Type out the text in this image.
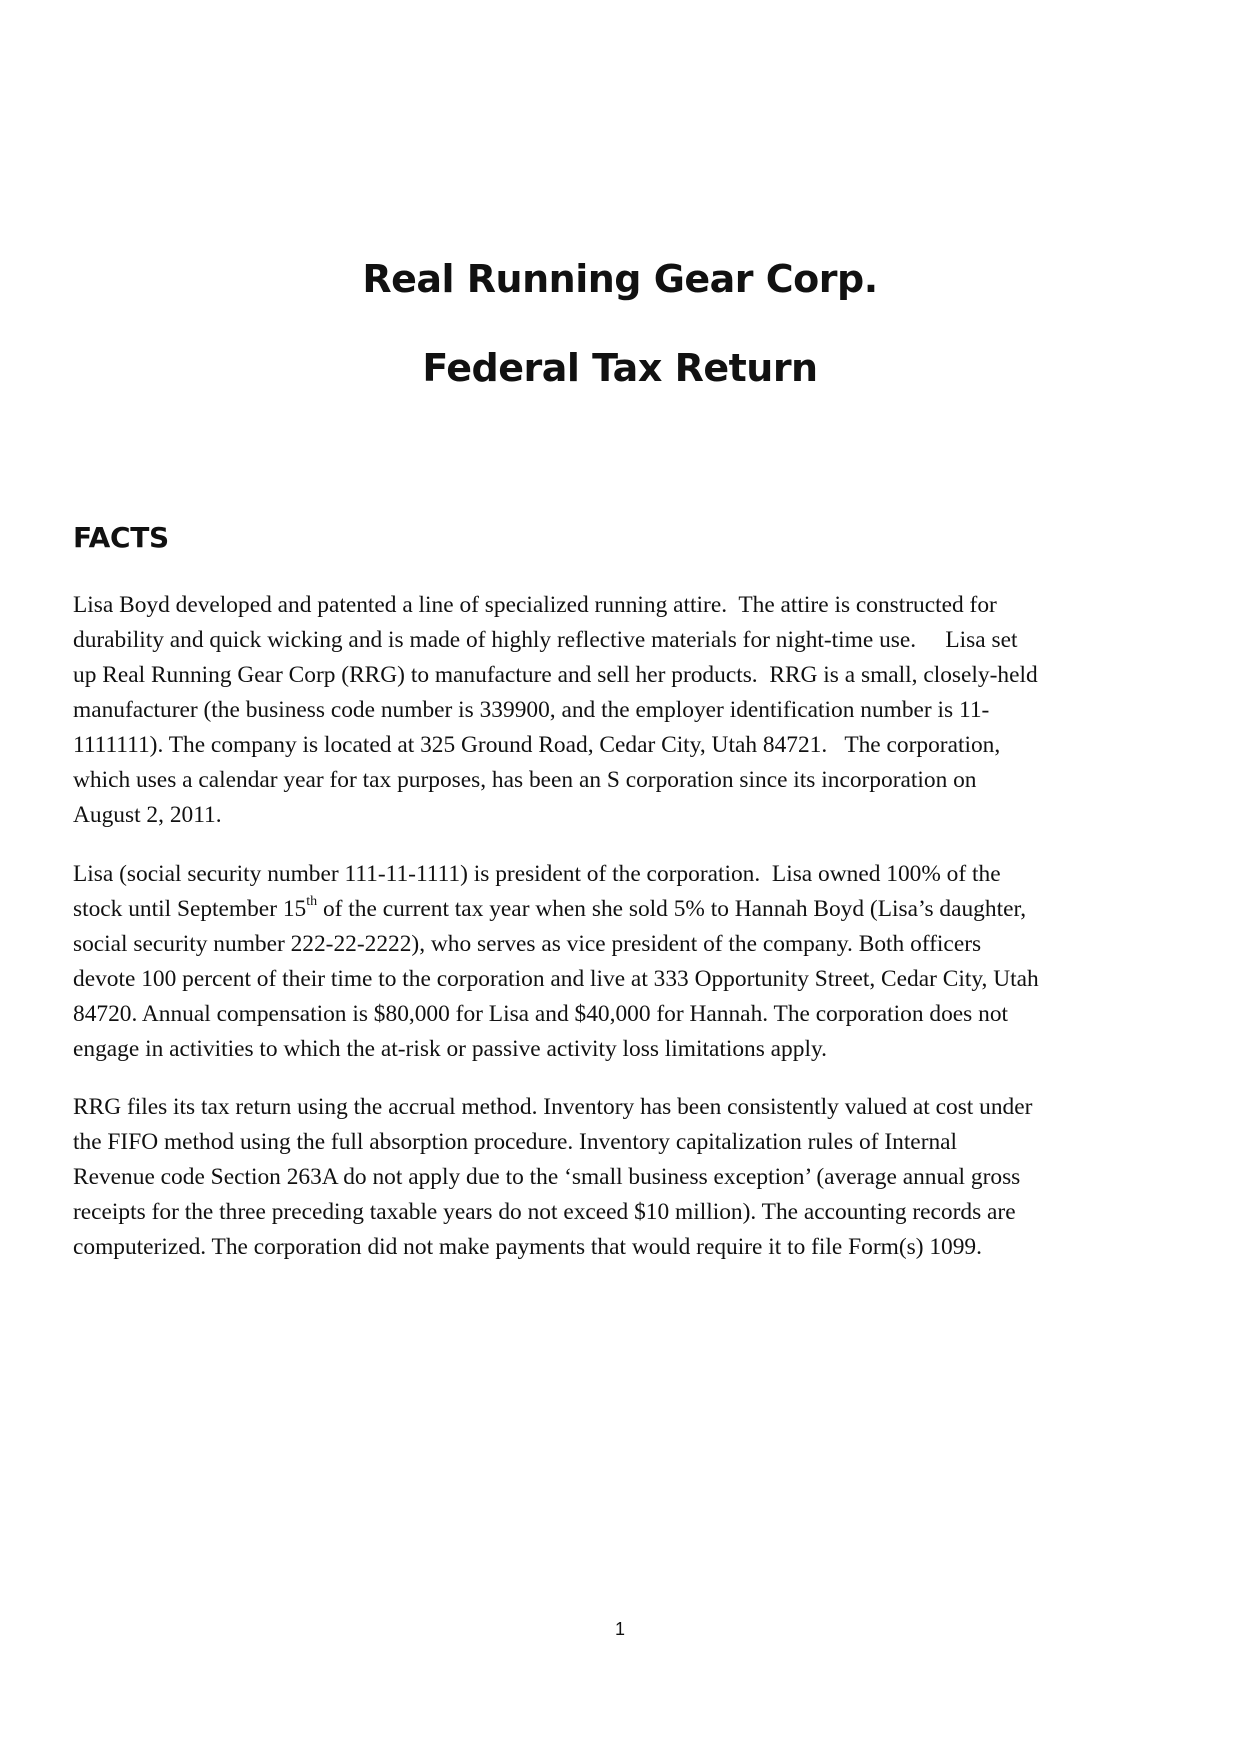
Real Running Gear Corp.
Federal Tax Return
FACTS

Lisa Boyd developed and patented a line of specialized running attire.  The attire is constructed for
durability and quick wicking and is made of highly reflective materials for night-time use.     Lisa set
up Real Running Gear Corp (RRG) to manufacture and sell her products.  RRG is a small, closely-held
manufacturer (the business code number is 339900, and the employer identification number is 11-
1111111). The company is located at 325 Ground Road, Cedar City, Utah 84721.   The corporation,
which uses a calendar year for tax purposes, has been an S corporation since its incorporation on
August 2, 2011.

Lisa (social security number 111-11-1111) is president of the corporation.  Lisa owned 100% of the
stock until September 15th of the current tax year when she sold 5% to Hannah Boyd (Lisa’s daughter,
social security number 222-22-2222), who serves as vice president of the company. Both officers
devote 100 percent of their time to the corporation and live at 333 Opportunity Street, Cedar City, Utah
84720. Annual compensation is $80,000 for Lisa and $40,000 for Hannah. The corporation does not
engage in activities to which the at-risk or passive activity loss limitations apply.

RRG files its tax return using the accrual method. Inventory has been consistently valued at cost under
the FIFO method using the full absorption procedure. Inventory capitalization rules of Internal
Revenue code Section 263A do not apply due to the ‘small business exception’ (average annual gross
receipts for the three preceding taxable years do not exceed $10 million). The accounting records are
computerized. The corporation did not make payments that would require it to file Form(s) 1099.

1
